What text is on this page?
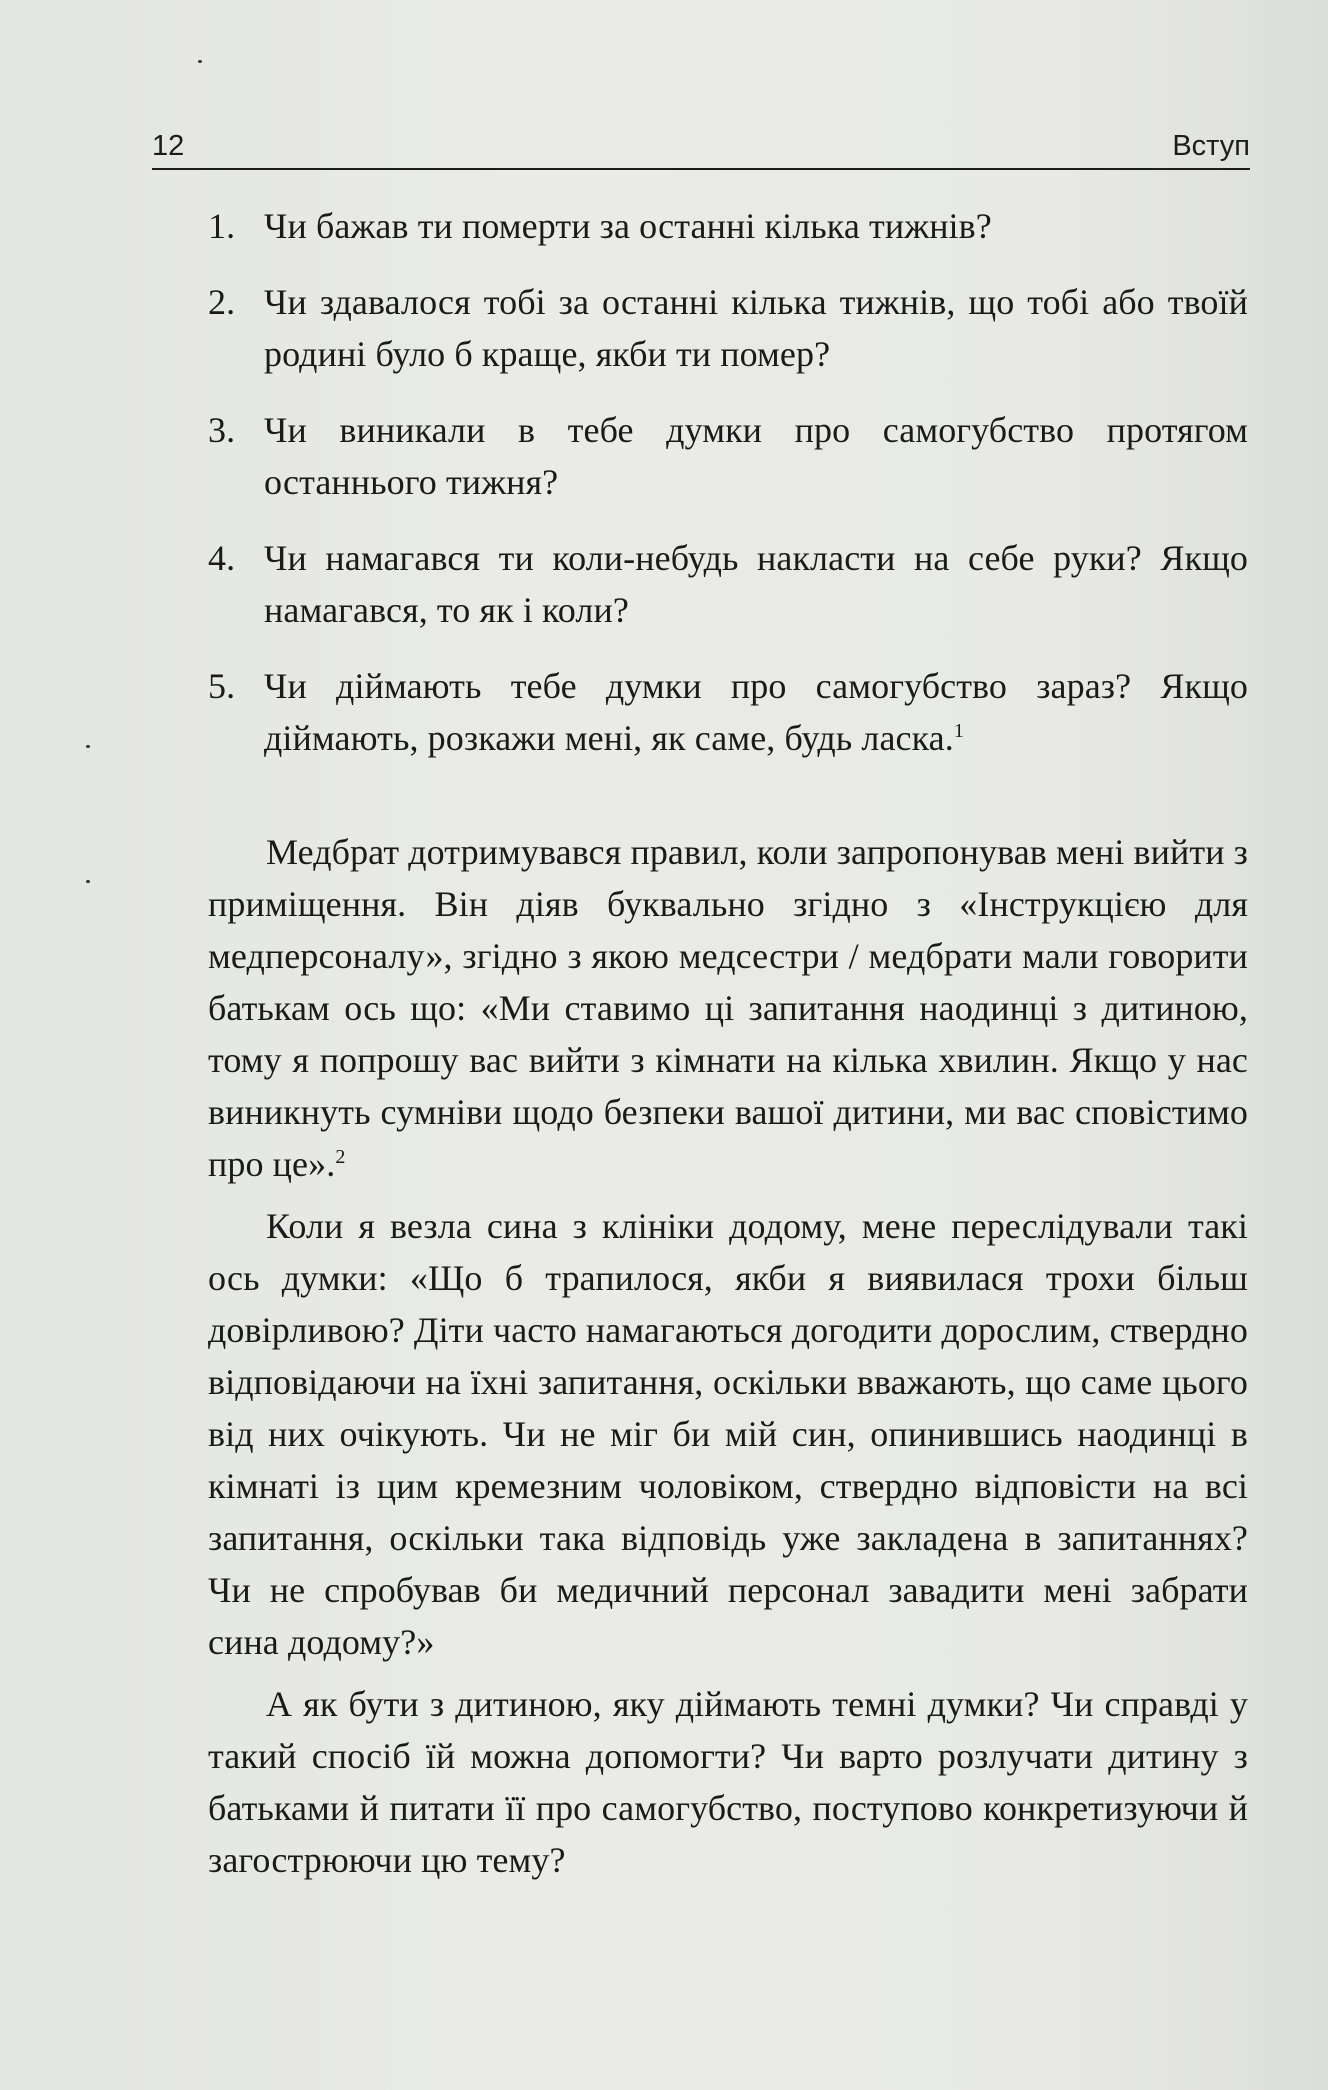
12	Вступ
1. Чи бажав ти померти за останні кілька тижнів?
2. Чи здавалося тобі за останні кілька тижнів, що тобі або твоїй родині було б краще, якби ти помер?
3. Чи виникали в тебе думки про самогубство протягом останнього тижня?
4. Чи намагався ти коли-небудь накласти на себе руки? Якщо намагався, то як і коли?
5. Чи діймають тебе думки про самогубство зараз? Якщо діймають, розкажи мені, як саме, будь ласка.$^1$

Медбрат дотримувався правил, коли запропонував мені вийти з приміщення. Він діяв буквально згідно з «Інструкцією для медперсоналу», згідно з якою медсестри / медбрати мали говорити батькам ось що: «Ми ставимо ці запитання наодинці з дитиною, тому я попрошу вас вийти з кімнати на кілька хвилин. Якщо у нас виникнуть сумніви щодо безпеки вашої дитини, ми вас сповістимо про це».$^2$

Коли я везла сина з клініки додому, мене переслідували такі ось думки: «Що б трапилося, якби я виявилася трохи більш довірливою? Діти часто намагаються догодити дорослим, ствердно відповідаючи на їхні запитання, оскільки вважають, що саме цього від них очікують. Чи не міг би мій син, опинившись наодинці в кімнаті із цим кремезним чоловіком, ствердно відповісти на всі запитання, оскільки така відповідь уже закладена в запитаннях? Чи не спробував би медичний персонал завадити мені забрати сина додому?»

А як бути з дитиною, яку діймають темні думки? Чи справді у такий спосіб їй можна допомогти? Чи варто розлучати дитину з батьками й питати її про самогубство, поступово конкретизуючи й загострюючи цю тему?
